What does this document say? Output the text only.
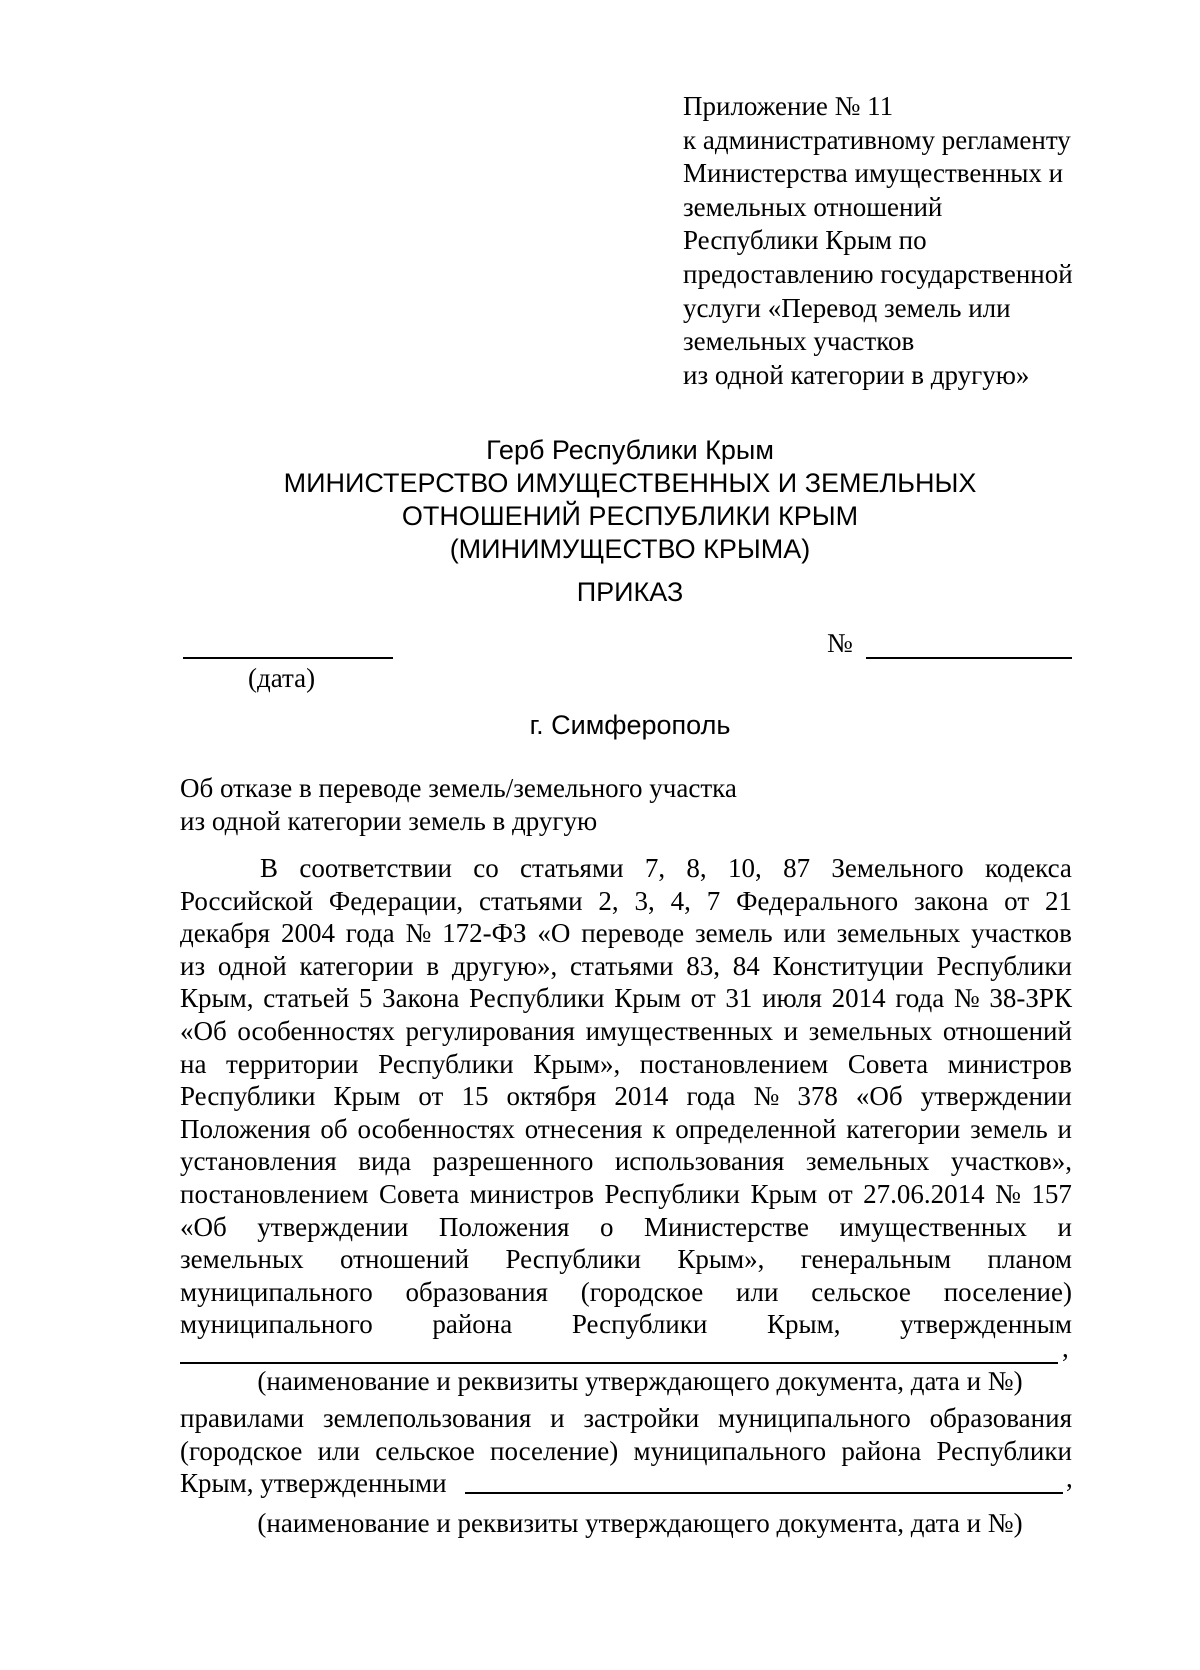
Приложение № 11
к административному регламенту
Министерства имущественных и
земельных отношений
Республики Крым по
предоставлению государственной
услуги «Перевод земель или
земельных участков
из одной категории в другую»
Герб Республики Крым
МИНИСТЕРСТВО ИМУЩЕСТВЕННЫХ И ЗЕМЕЛЬНЫХ
ОТНОШЕНИЙ РЕСПУБЛИКИ КРЫМ
(МИНИМУЩЕСТВО КРЫМА)
ПРИКАЗ
(дата)
№
г. Симферополь
Об отказе в переводе земель/земельного участка
из одной категории земель в другую
В соответствии со статьями 7, 8, 10, 87 Земельного кодекса
Российской Федерации, статьями 2, 3, 4, 7 Федерального закона от 21
декабря 2004 года № 172-ФЗ «О переводе земель или земельных участков
из одной категории в другую», статьями 83, 84 Конституции Республики
Крым, статьей 5 Закона Республики Крым от 31 июля 2014 года № 38-ЗРК
«Об особенностях регулирования имущественных и земельных отношений
на территории Республики Крым», постановлением Совета министров
Республики Крым от 15 октября 2014 года № 378 «Об утверждении
Положения об особенностях отнесения к определенной категории земель и
установления вида разрешенного использования земельных участков»,
постановлением Совета министров Республики Крым от 27.06.2014 № 157
«Об утверждении Положения о Министерстве имущественных и
земельных отношений Республики Крым», генеральным планом
муниципального образования (городское или сельское поселение)
муниципального района Республики Крым, утвержденным
,
(наименование и реквизиты утверждающего документа, дата и №)
правилами землепользования и застройки муниципального образования
(городское или сельское поселение) муниципального района Республики
Крым, утвержденными	,
(наименование и реквизиты утверждающего документа, дата и №)
